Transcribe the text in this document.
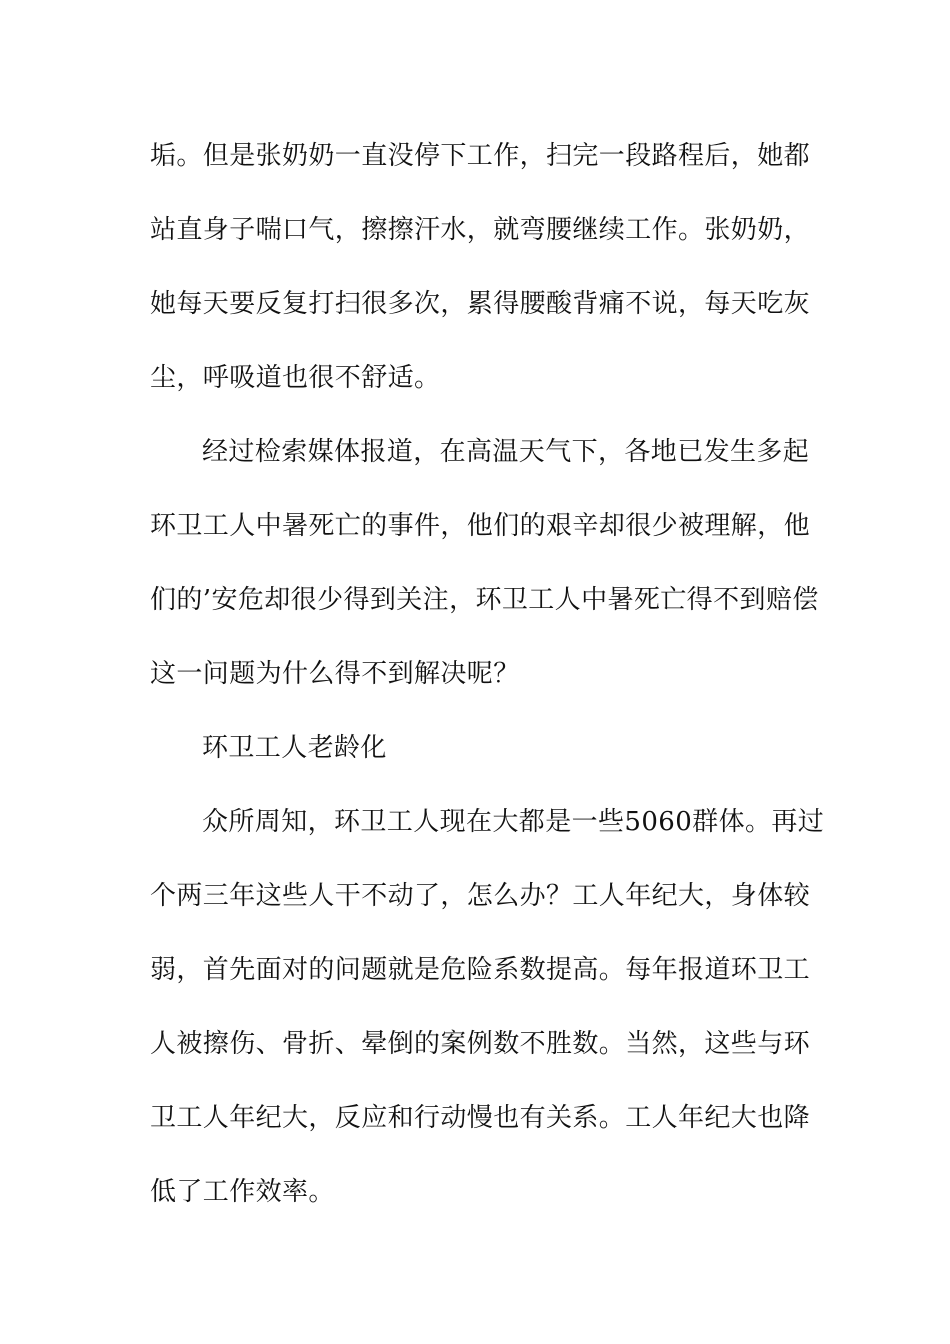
垢。但是张奶奶一直没停下工作，扫完一段路程后，她都
站直身子喘口气，擦擦汗水，就弯腰继续工作。张奶奶，
她每天要反复打扫很多次，累得腰酸背痛不说，每天吃灰
尘，呼吸道也很不舒适。
经过检索媒体报道，在高温天气下，各地已发生多起
环卫工人中暑死亡的事件，他们的艰辛却很少被理解，他
们的’安危却很少得到关注，环卫工人中暑死亡得不到赔偿
这一问题为什么得不到解决呢？
环卫工人老龄化
众所周知，环卫工人现在大都是一些5060群体。再过
个两三年这些人干不动了，怎么办？工人年纪大，身体较
弱，首先面对的问题就是危险系数提高。每年报道环卫工
人被擦伤、骨折、晕倒的案例数不胜数。当然，这些与环
卫工人年纪大，反应和行动慢也有关系。工人年纪大也降
低了工作效率。
